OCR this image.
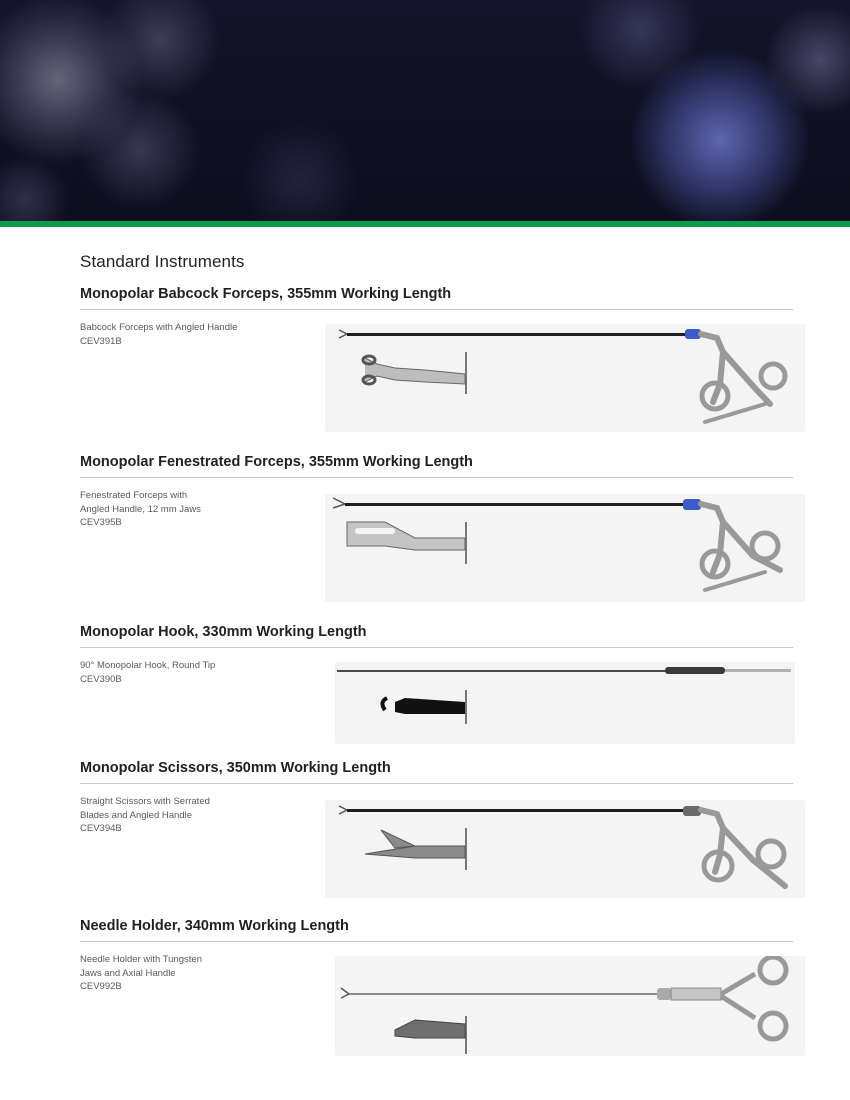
Standard Instruments
Monopolar Babcock Forceps, 355mm Working Length
Babcock Forceps with Angled Handle
CEV391B
Monopolar Fenestrated Forceps, 355mm Working Length
Fenestrated Forceps with
Angled Handle, 12 mm Jaws
CEV395B
Monopolar Hook, 330mm Working Length
90° Monopolar Hook, Round Tip
CEV390B
Monopolar Scissors, 350mm Working Length
Straight Scissors with Serrated
Blades and Angled Handle
CEV394B
Needle Holder, 340mm Working Length
Needle Holder with Tungsten
Jaws and Axial Handle
CEV992B
